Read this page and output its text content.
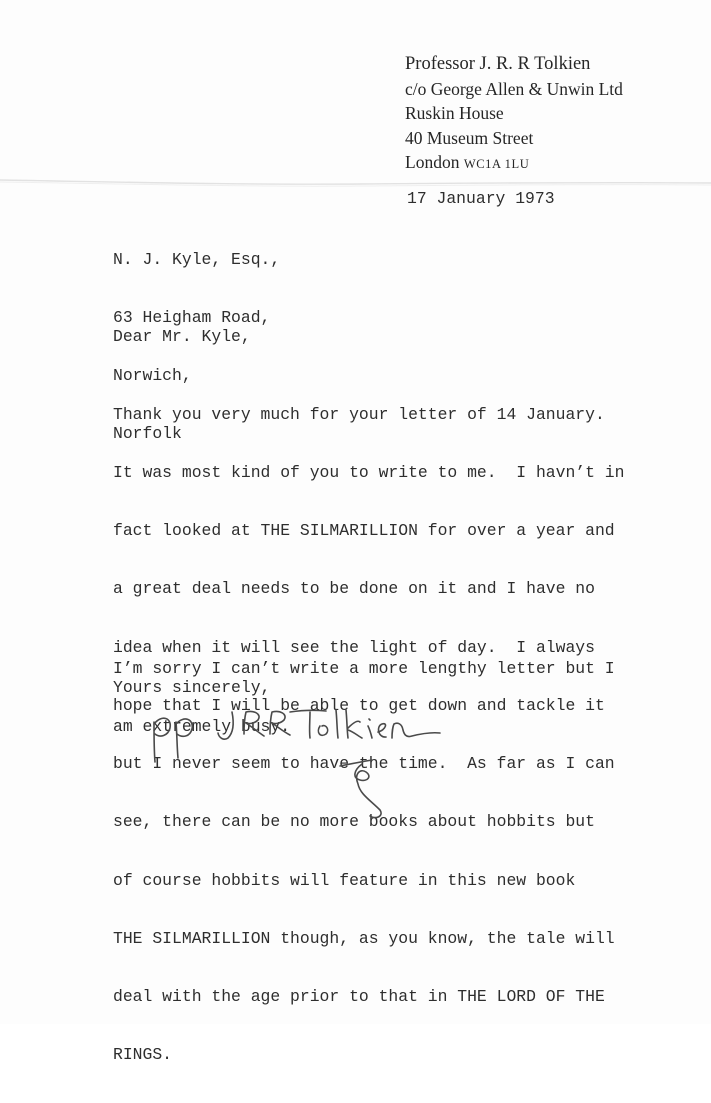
Professor J. R. R Tolkien
c/o George Allen & Unwin Ltd
Ruskin House
40 Museum Street
London WC1A 1LU
17 January 1973

N. J. Kyle, Esq.,

63 Heigham Road,

Norwich,

Norfolk

Dear Mr. Kyle,

Thank you very much for your letter of 14 January.

It was most kind of you to write to me.  I havn’t in

fact looked at THE SILMARILLION for over a year and

a great deal needs to be done on it and I have no

idea when it will see the light of day.  I always

hope that I will be able to get down and tackle it

but I never seem to have the time.  As far as I can

see, there can be no more books about hobbits but

of course hobbits will feature in this new book

THE SILMARILLION though, as you know, the tale will

deal with the age prior to that in THE LORD OF THE

RINGS.

I’m sorry I can’t write a more lengthy letter but I

am extremely busy.

Yours sincerely,
